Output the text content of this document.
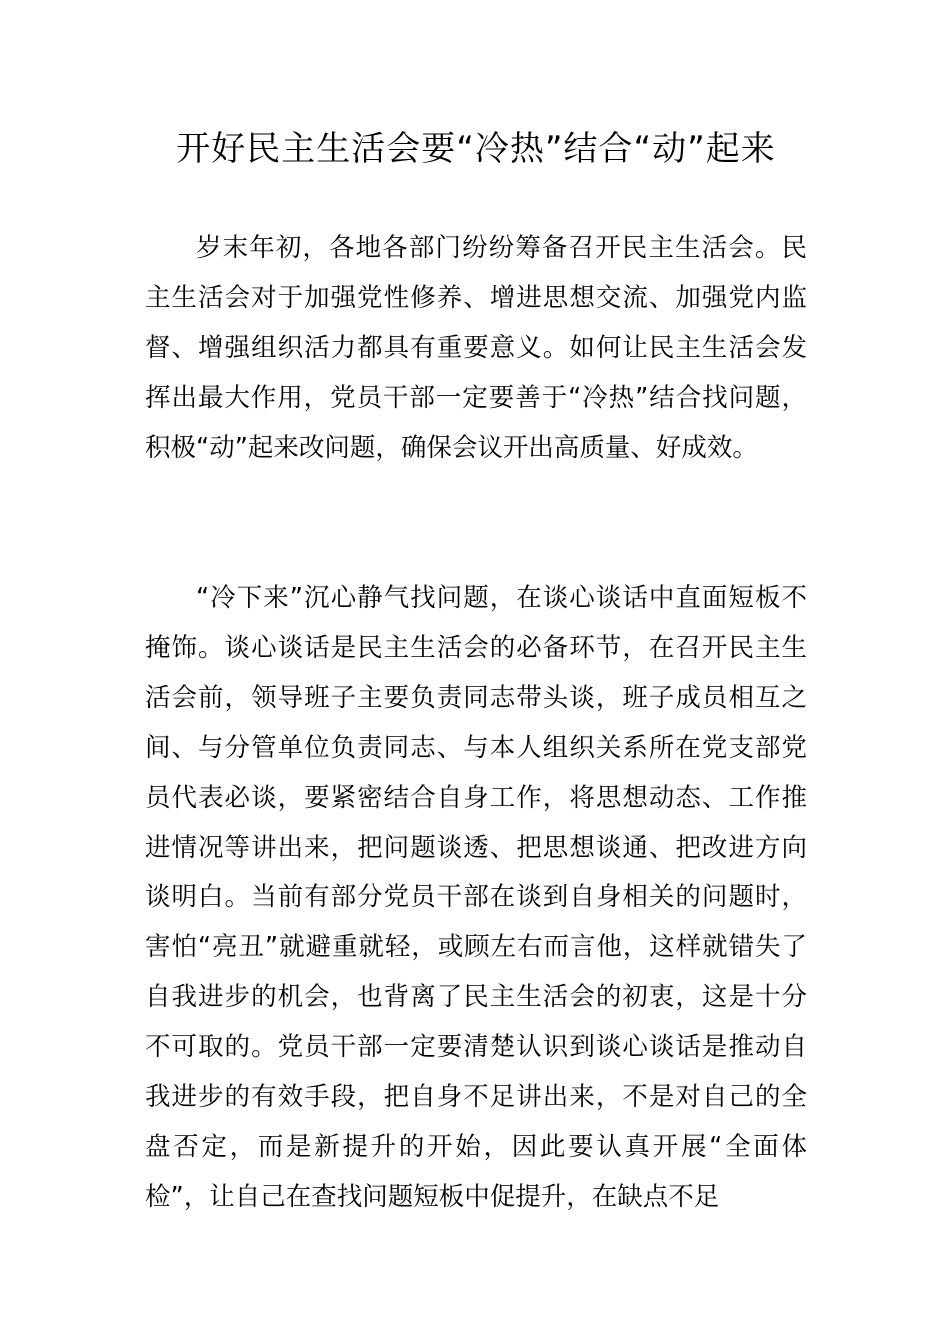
开好民主生活会要“冷热”结合“动”起来

岁末年初，各地各部门纷纷筹备召开民主生活会。民主生活会对于加强党性修养、增进思想交流、加强党内监督、增强组织活力都具有重要意义。如何让民主生活会发挥出最大作用，党员干部一定要善于“冷热”结合找问题，积极“动”起来改问题，确保会议开出高质量、好成效。

“冷下来”沉心静气找问题，在谈心谈话中直面短板不掩饰。谈心谈话是民主生活会的必备环节，在召开民主生活会前，领导班子主要负责同志带头谈，班子成员相互之间、与分管单位负责同志、与本人组织关系所在党支部党员代表必谈，要紧密结合自身工作，将思想动态、工作推进情况等讲出来，把问题谈透、把思想谈通、把改进方向谈明白。当前有部分党员干部在谈到自身相关的问题时，害怕“亮丑”就避重就轻，或顾左右而言他，这样就错失了自我进步的机会，也背离了民主生活会的初衷，这是十分不可取的。党员干部一定要清楚认识到谈心谈话是推动自我进步的有效手段，把自身不足讲出来，不是对自己的全盘否定，而是新提升的开始，因此要认真开展“全面体检”，让自己在查找问题短板中促提升，在缺点不足
